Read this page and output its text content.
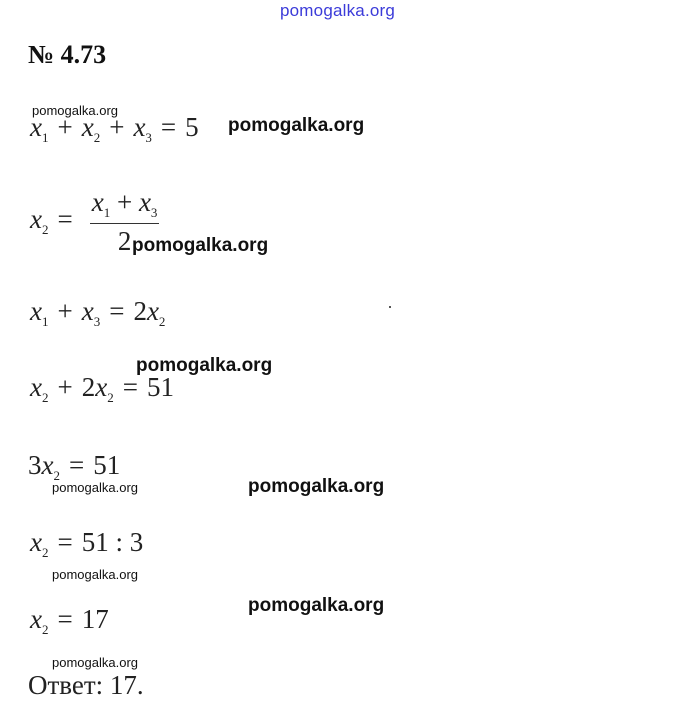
pomogalka.org
№ 4.73
pomogalka.org
$x_1 + x_2 + x_3 = 5$ pomogalka.org
$x_2 = \frac{x_1 + x_3}{2}$
pomogalka.org
$x_1 + x_3 = 2x_2$
pomogalka.org
$x_2 + 2x_2 = 51$
$3x_2 = 51$
pomogalka.org	pomogalka.org
$x_2 = 51$ : 3
pomogalka.org
pomogalka.org
$x_2 = 17$
pomogalka.org
Ответ: 17.
